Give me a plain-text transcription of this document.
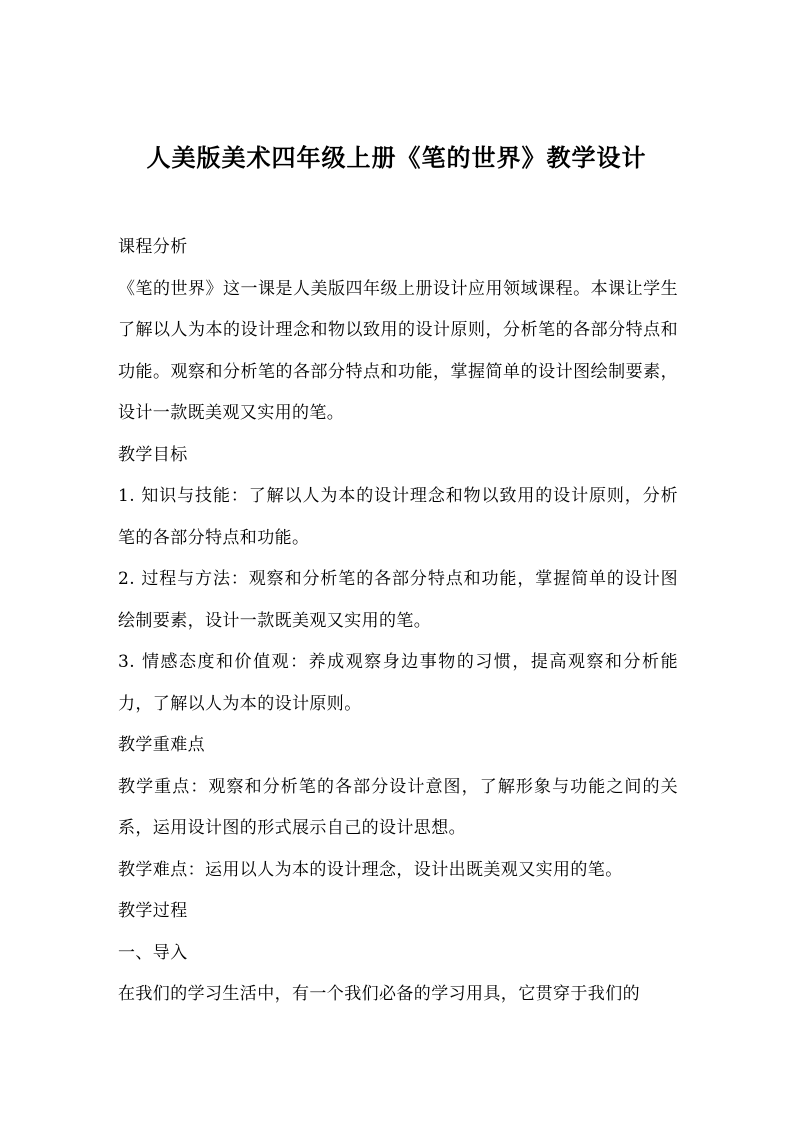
人美版美术四年级上册《笔的世界》教学设计

课程分析

《笔的世界》这一课是人美版四年级上册设计应用领域课程。本课让学生了解以人为本的设计理念和物以致用的设计原则，分析笔的各部分特点和功能。观察和分析笔的各部分特点和功能，掌握简单的设计图绘制要素，设计一款既美观又实用的笔。

教学目标

1. 知识与技能：了解以人为本的设计理念和物以致用的设计原则，分析笔的各部分特点和功能。

2. 过程与方法：观察和分析笔的各部分特点和功能，掌握简单的设计图绘制要素，设计一款既美观又实用的笔。

3. 情感态度和价值观：养成观察身边事物的习惯，提高观察和分析能力，了解以人为本的设计原则。

教学重难点

教学重点：观察和分析笔的各部分设计意图，了解形象与功能之间的关系，运用设计图的形式展示自己的设计思想。

教学难点：运用以人为本的设计理念，设计出既美观又实用的笔。

教学过程

一、导入

在我们的学习生活中，有一个我们必备的学习用具，它贯穿于我们的
